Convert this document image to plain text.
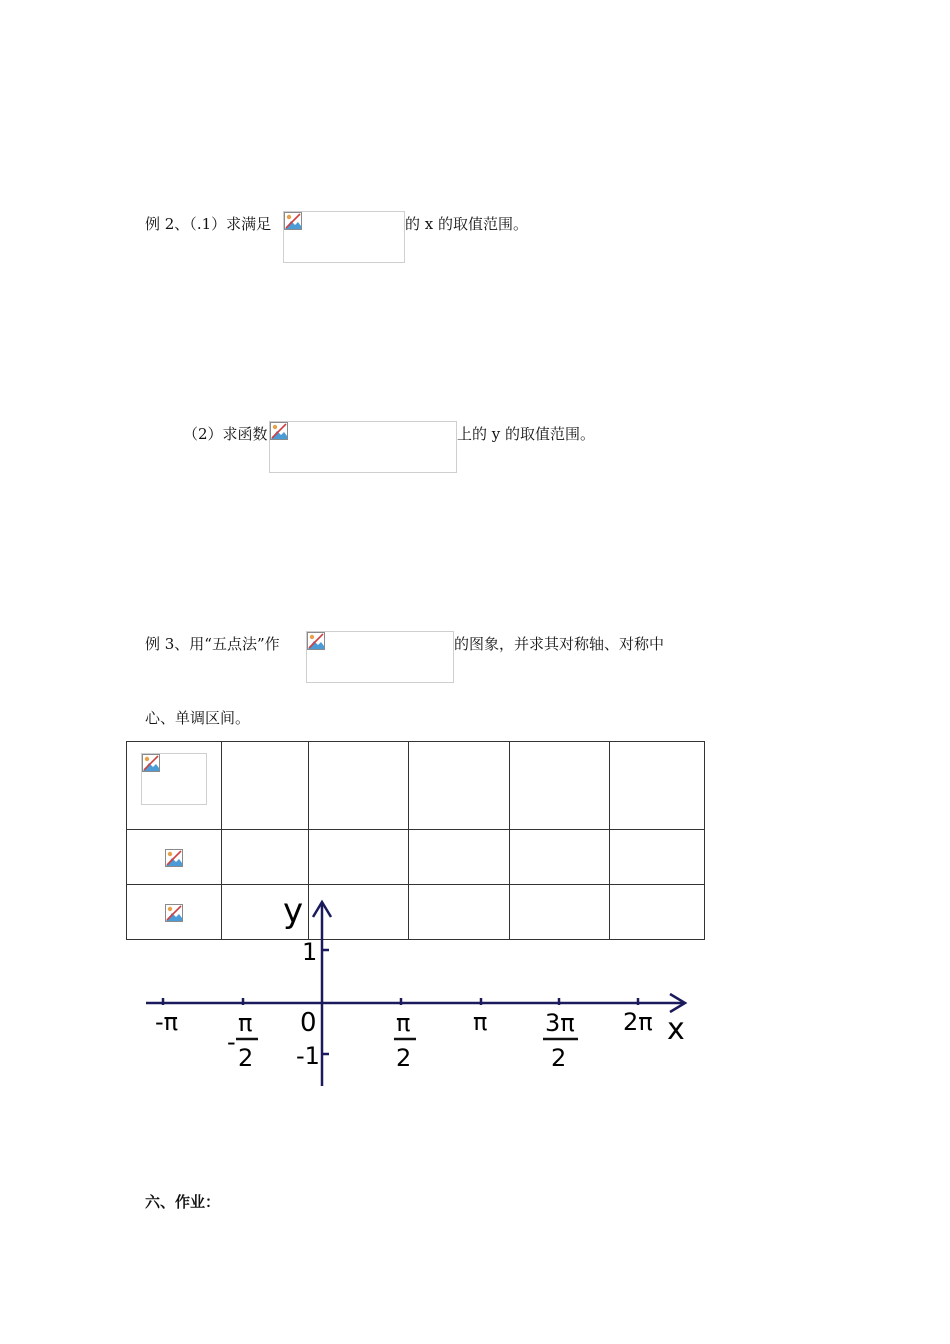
例 2、（.1）求满足	的 x 的取值范围。
（2）求函数	上的 y 的取值范围。
例 3、用“五点法”作	的图象，并求其对称轴、对称中
心、单调区间。

y
x
0
1
-1
-π
-
π
2
π
2
π 3π
2
2π
六、作业：
